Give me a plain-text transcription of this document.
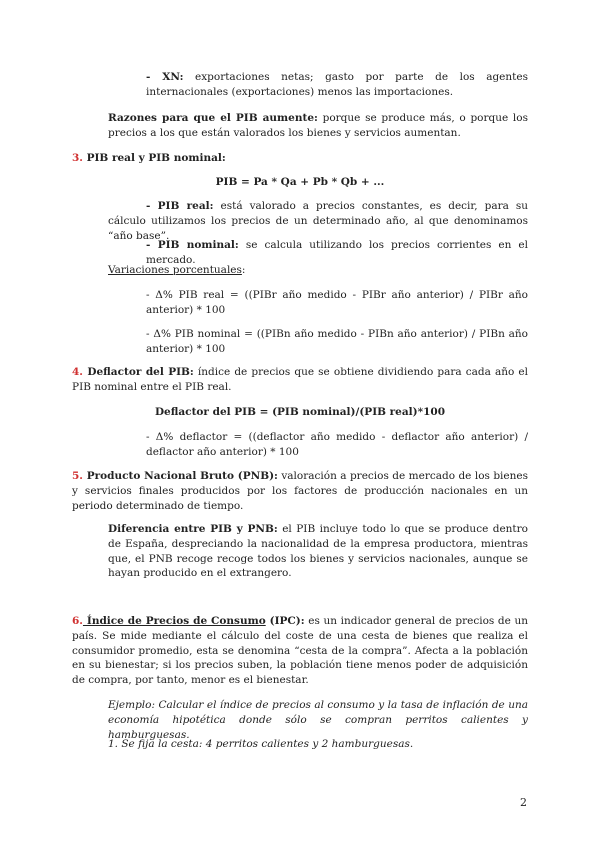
- XN: exportaciones netas; gasto por parte de los agentes internacionales (exportaciones) menos las importaciones.
Razones para que el PIB aumente: porque se produce más, o porque los precios a los que están valorados los bienes y servicios aumentan.
3. PIB real y PIB nominal:
PIB = Pa * Qa + Pb * Qb + ...
- PIB real: está valorado a precios constantes, es decir, para su cálculo utilizamos los precios de un determinado año, al que denominamos “año base”.
- PIB nominal: se calcula utilizando los precios corrientes en el mercado.
Variaciones porcentuales:
- Δ% PIB real = ((PIBr año medido - PIBr año anterior) / PIBr año anterior) * 100
- Δ% PIB nominal = ((PIBn año medido - PIBn año anterior) / PIBn año anterior) * 100
4. Deflactor del PIB: índice de precios que se obtiene dividiendo para cada año el PIB nominal entre el PIB real.
Deflactor del PIB = (PIB nominal)/(PIB real)*100
- Δ% deflactor = ((deflactor año medido - deflactor año anterior) / deflactor año anterior) * 100
5. Producto Nacional Bruto (PNB): valoración a precios de mercado de los bienes y servicios finales producidos por los factores de producción nacionales en un periodo determinado de tiempo.
Diferencia entre PIB y PNB: el PIB incluye todo lo que se produce dentro de España, despreciando la nacionalidad de la empresa productora, mientras que, el PNB recoge recoge todos los bienes y servicios nacionales, aunque se hayan producido en el extrangero.
6. Índice de Precios de Consumo (IPC): es un indicador general de precios de un país. Se mide mediante el cálculo del coste de una cesta de bienes que realiza el consumidor promedio, esta se denomina “cesta de la compra”. Afecta a la población en su bienestar; si los precios suben, la población tiene menos poder de adquisición de compra, por tanto, menor es el bienestar.
Ejemplo: Calcular el índice de precios al consumo y la tasa de inflación de una economía hipotética donde sólo se compran perritos calientes y hamburguesas.
1. Se fija la cesta: 4 perritos calientes y 2 hamburguesas.
2
